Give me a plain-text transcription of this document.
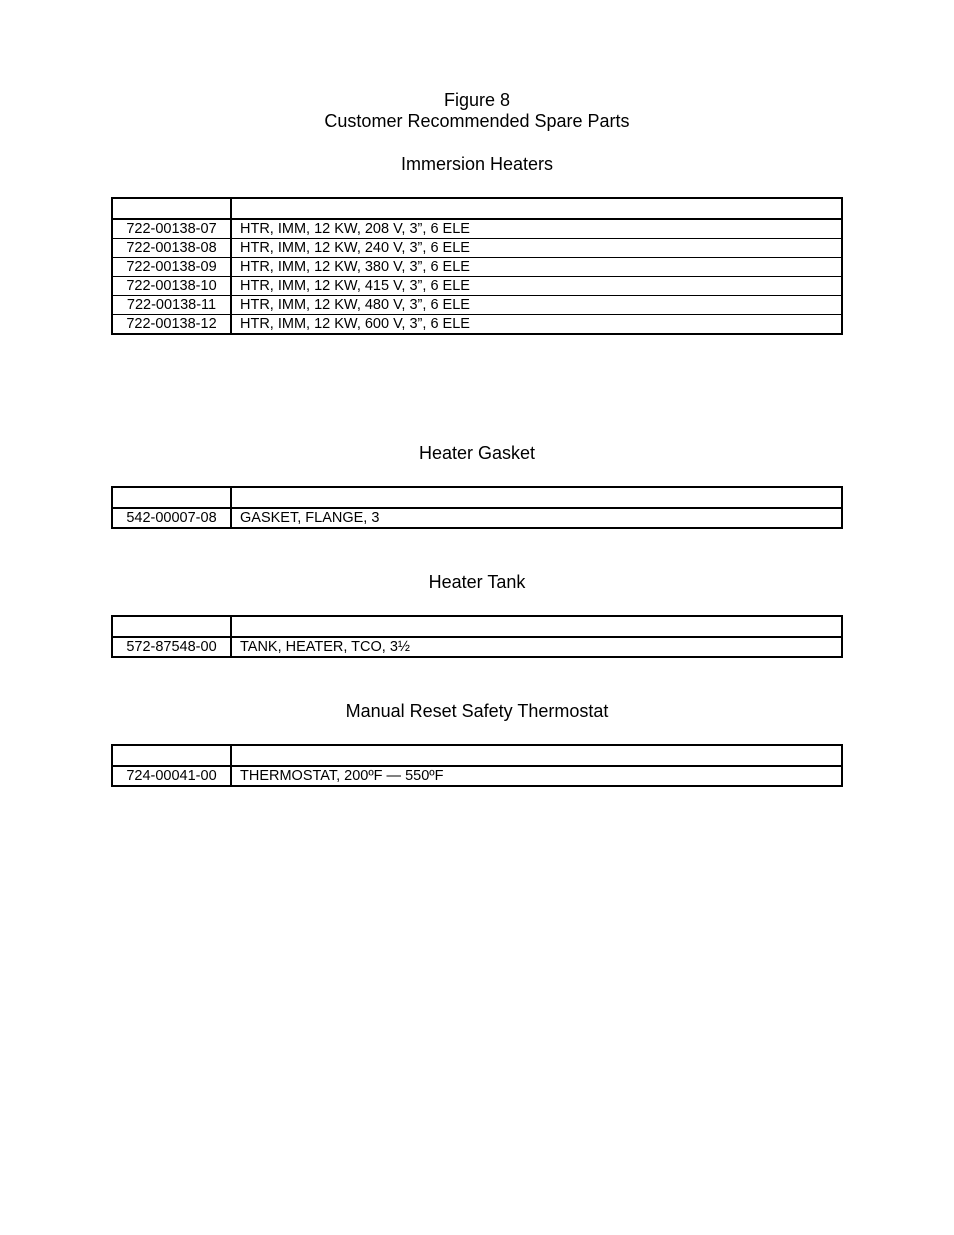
Figure 8
Customer Recommended Spare Parts
Immersion Heaters

722-00138-07	HTR, IMM, 12 KW, 208 V, 3”, 6 ELE
722-00138-08	HTR, IMM, 12 KW, 240 V, 3”, 6 ELE
722-00138-09	HTR, IMM, 12 KW, 380 V, 3”, 6 ELE
722-00138-10	HTR, IMM, 12 KW, 415 V, 3”, 6 ELE
722-00138-11	HTR, IMM, 12 KW, 480 V, 3”, 6 ELE
722-00138-12	HTR, IMM, 12 KW, 600 V, 3”, 6 ELE
Heater Gasket

542-00007-08	GASKET, FLANGE, 3
Heater Tank

572-87548-00	TANK, HEATER, TCO, 3½
Manual Reset Safety Thermostat

724-00041-00	THERMOSTAT, 200ºF — 550ºF
